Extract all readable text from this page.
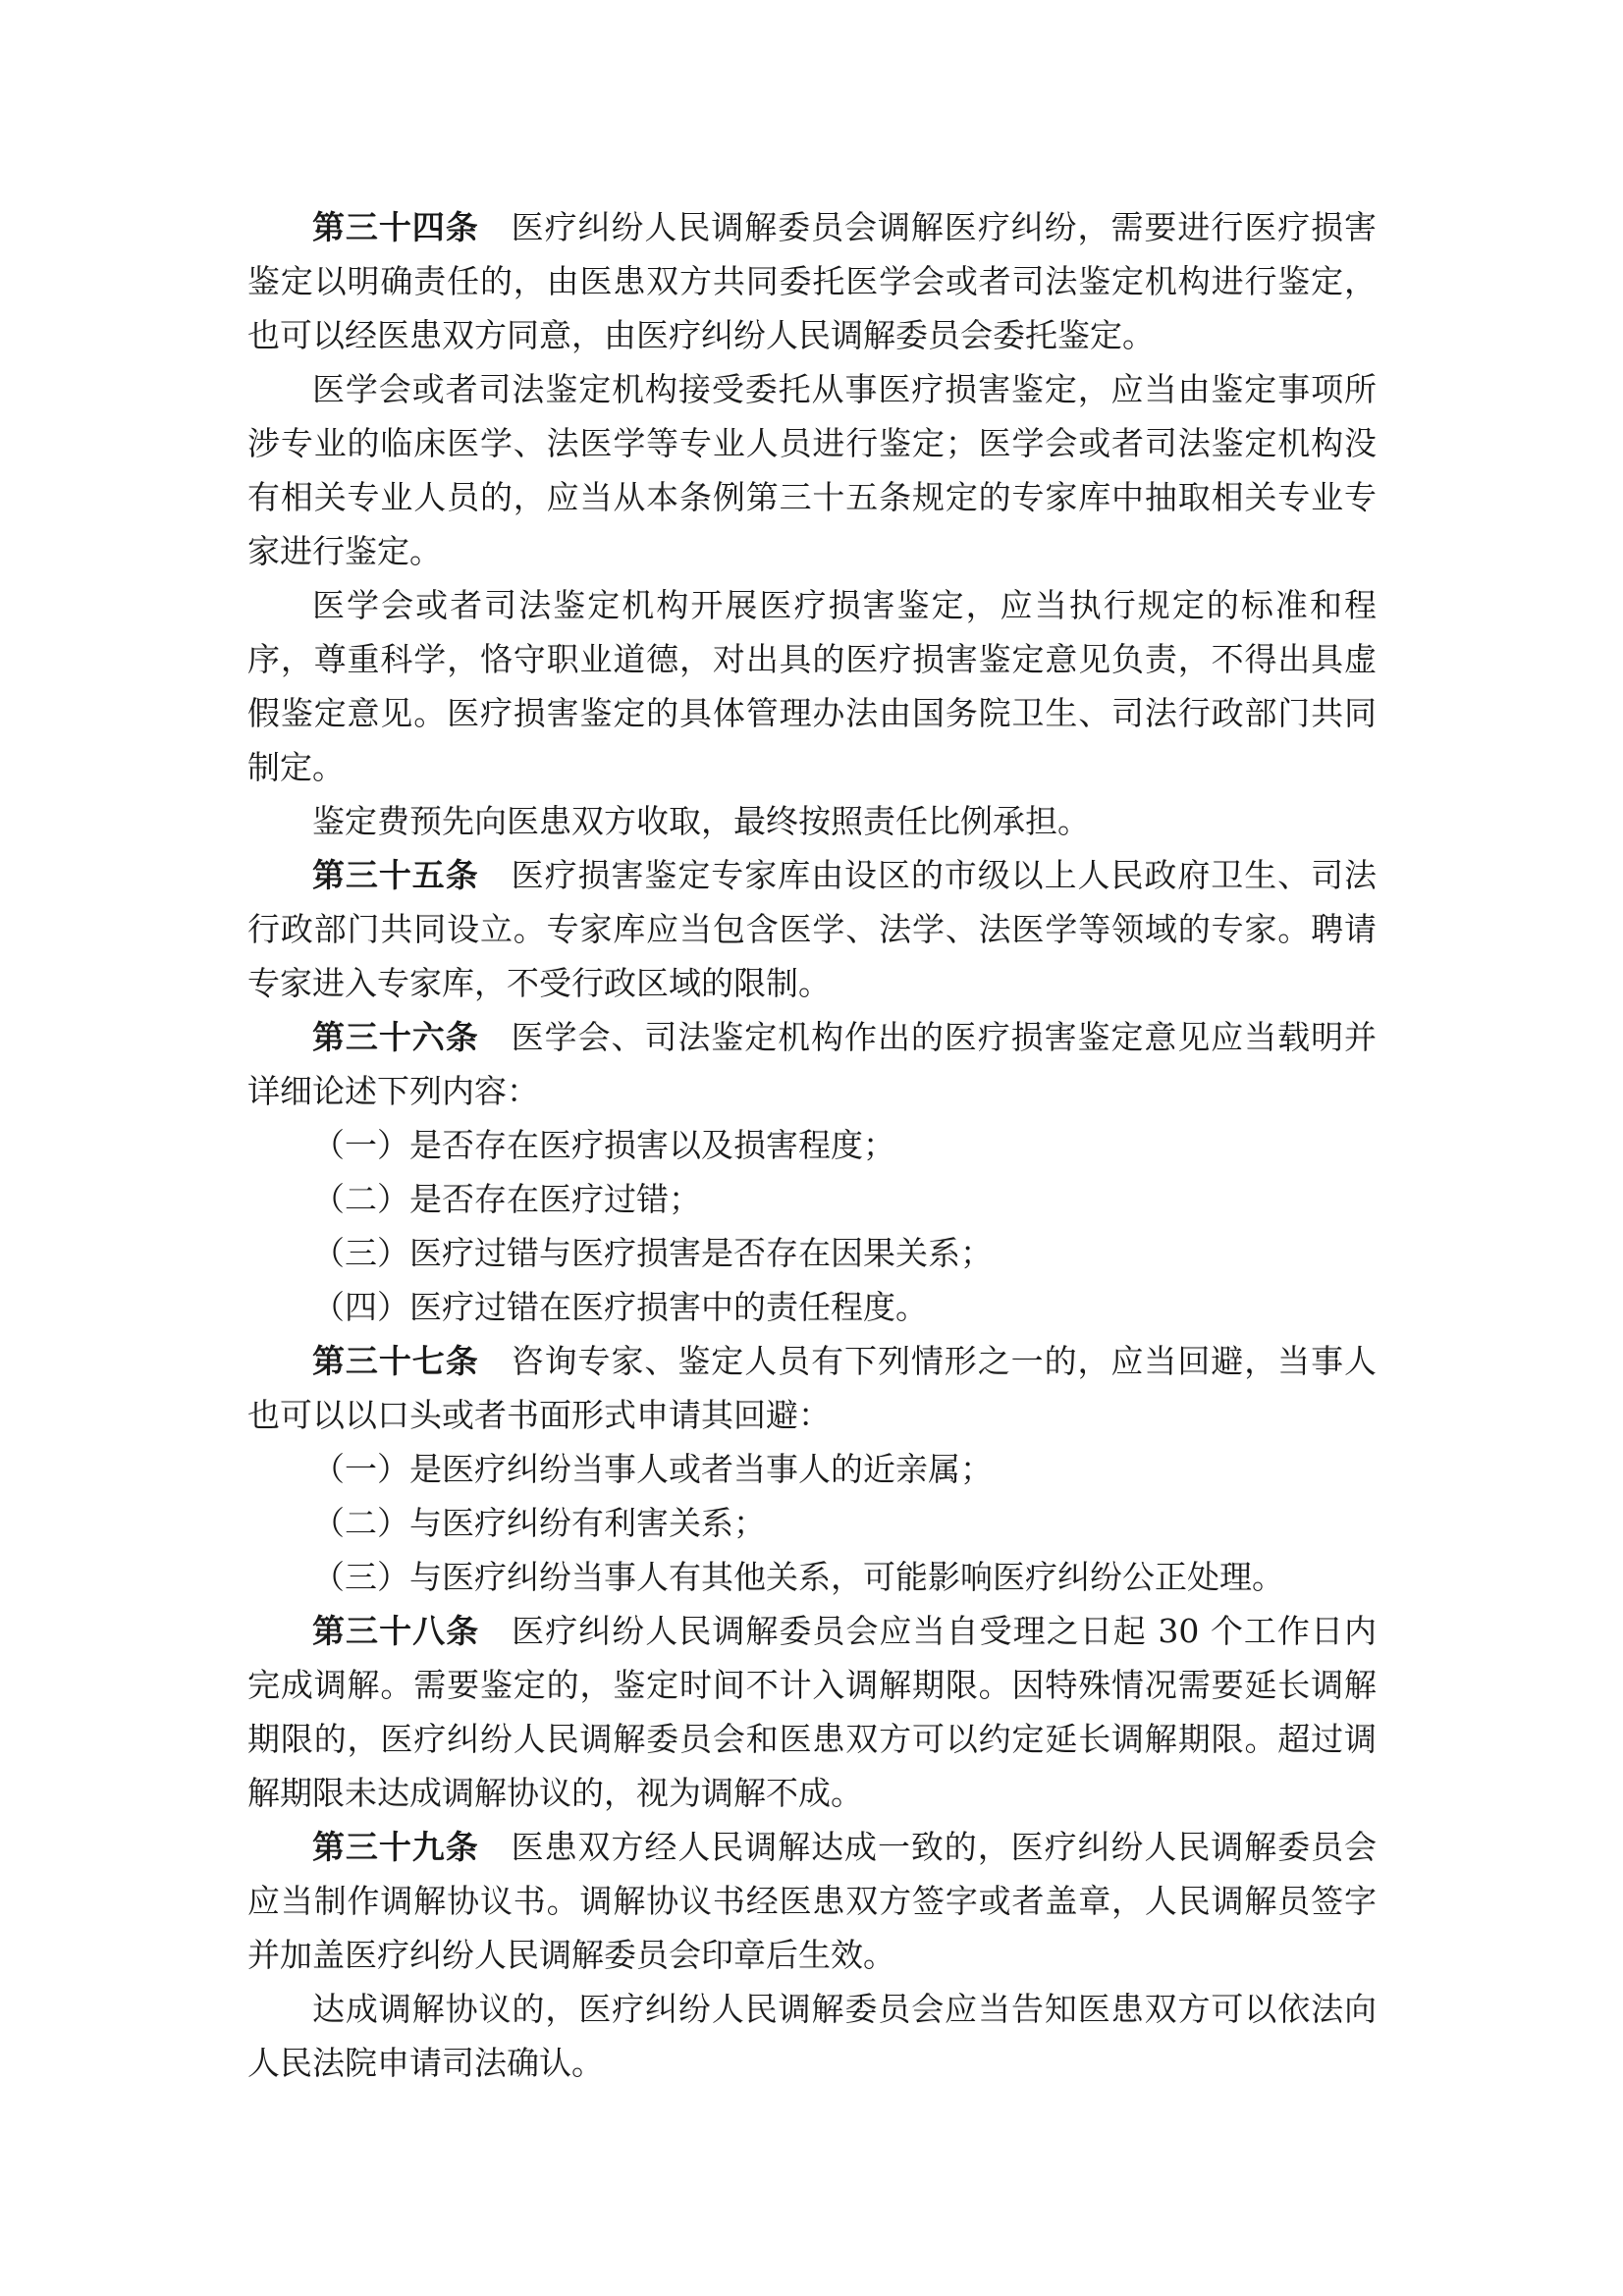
第三十四条 医疗纠纷人民调解委员会调解医疗纠纷，需要进行医疗损害鉴定以明确责任的，由医患双方共同委托医学会或者司法鉴定机构进行鉴定，也可以经医患双方同意，由医疗纠纷人民调解委员会委托鉴定。

医学会或者司法鉴定机构接受委托从事医疗损害鉴定，应当由鉴定事项所涉专业的临床医学、法医学等专业人员进行鉴定；医学会或者司法鉴定机构没有相关专业人员的，应当从本条例第三十五条规定的专家库中抽取相关专业专家进行鉴定。

医学会或者司法鉴定机构开展医疗损害鉴定，应当执行规定的标准和程序，尊重科学，恪守职业道德，对出具的医疗损害鉴定意见负责，不得出具虚假鉴定意见。医疗损害鉴定的具体管理办法由国务院卫生、司法行政部门共同制定。

鉴定费预先向医患双方收取，最终按照责任比例承担。

第三十五条 医疗损害鉴定专家库由设区的市级以上人民政府卫生、司法行政部门共同设立。专家库应当包含医学、法学、法医学等领域的专家。聘请专家进入专家库，不受行政区域的限制。

第三十六条 医学会、司法鉴定机构作出的医疗损害鉴定意见应当载明并详细论述下列内容：

（一）是否存在医疗损害以及损害程度；

（二）是否存在医疗过错；

（三）医疗过错与医疗损害是否存在因果关系；

（四）医疗过错在医疗损害中的责任程度。

第三十七条 咨询专家、鉴定人员有下列情形之一的，应当回避，当事人也可以以口头或者书面形式申请其回避：

（一）是医疗纠纷当事人或者当事人的近亲属；

（二）与医疗纠纷有利害关系；

（三）与医疗纠纷当事人有其他关系，可能影响医疗纠纷公正处理。

第三十八条 医疗纠纷人民调解委员会应当自受理之日起 30 个工作日内完成调解。需要鉴定的，鉴定时间不计入调解期限。因特殊情况需要延长调解期限的，医疗纠纷人民调解委员会和医患双方可以约定延长调解期限。超过调解期限未达成调解协议的，视为调解不成。

第三十九条 医患双方经人民调解达成一致的，医疗纠纷人民调解委员会应当制作调解协议书。调解协议书经医患双方签字或者盖章，人民调解员签字并加盖医疗纠纷人民调解委员会印章后生效。

达成调解协议的，医疗纠纷人民调解委员会应当告知医患双方可以依法向人民法院申请司法确认。
